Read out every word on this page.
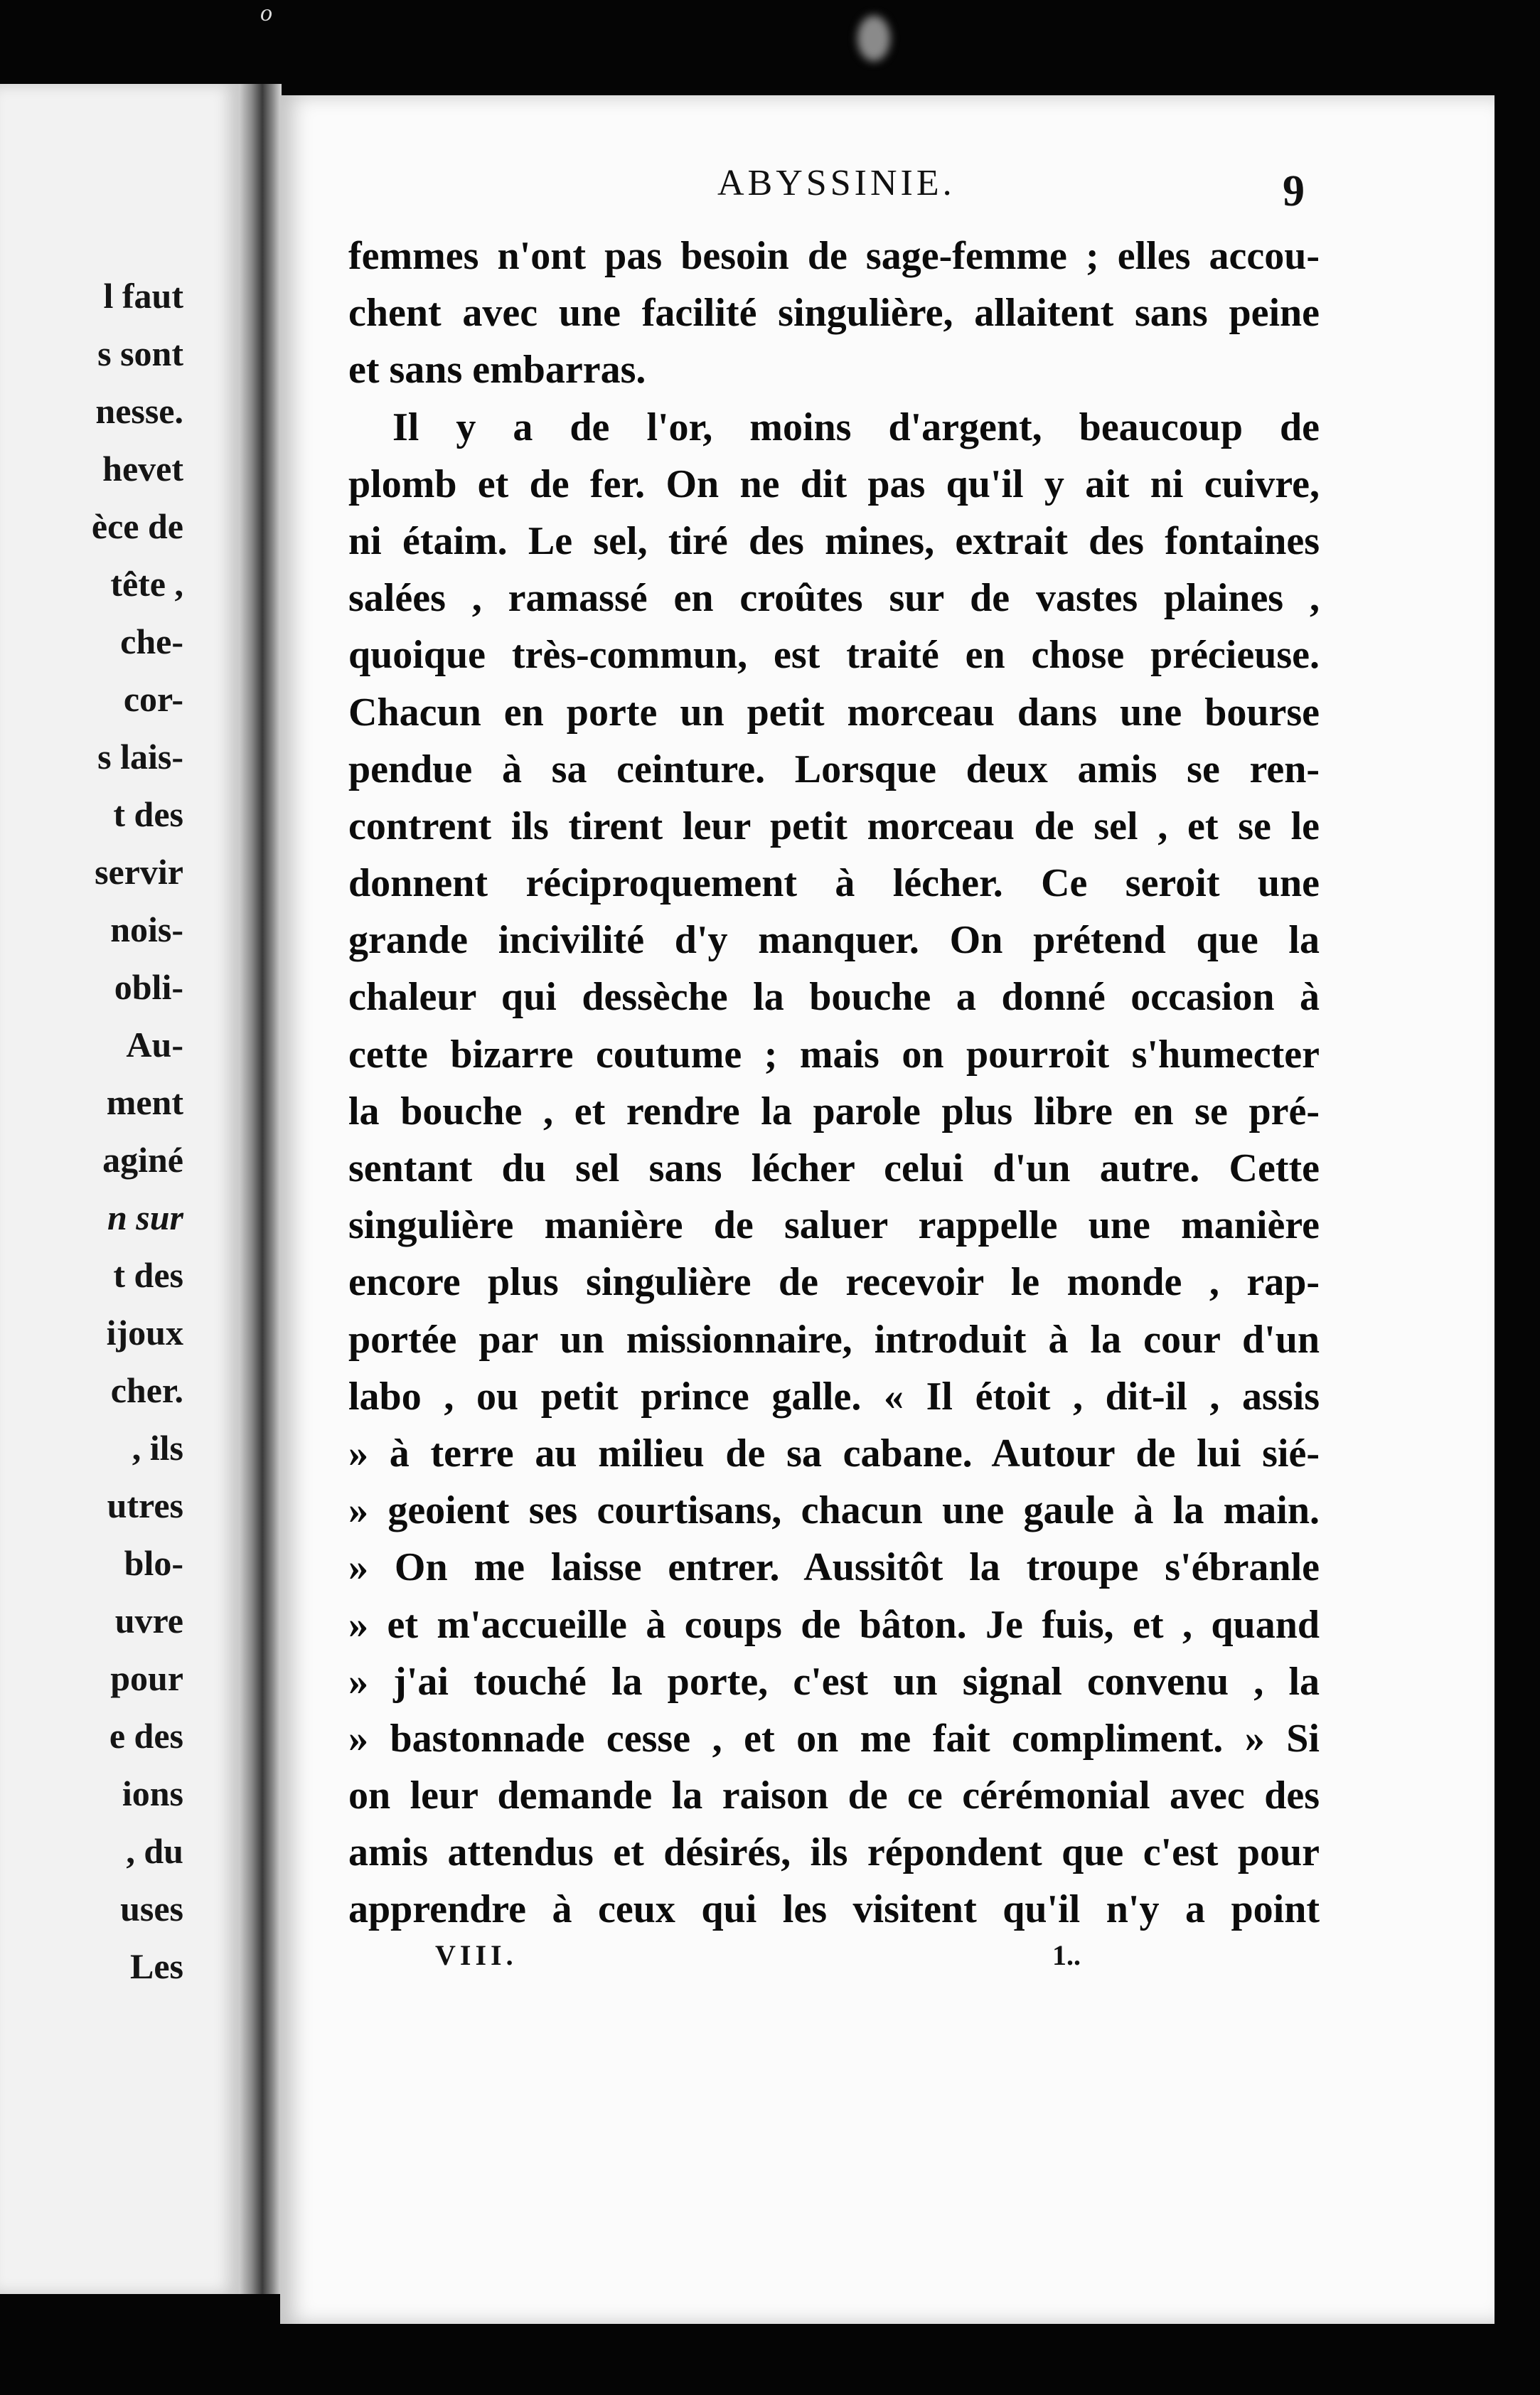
o
l faut
s sont
nesse.
hevet
èce de
tête ,
che-
cor-
s lais-
t des
servir
nois-
obli-
Au-
ment
aginé
n sur
t des
ijoux
cher.
, ils
utres
blo-
uvre
pour
e des
ions
, du
uses
Les
ABYSSINIE.	9
femmes n'ont pas besoin de sage-femme ; elles accou-
chent avec une facilité singulière, allaitent sans peine
et sans embarras.
Il y a de l'or, moins d'argent, beaucoup de
plomb et de fer. On ne dit pas qu'il y ait ni cuivre,
ni étaim. Le sel, tiré des mines, extrait des fontaines
salées , ramassé en croûtes sur de vastes plaines ,
quoique très-commun, est traité en chose précieuse.
Chacun en porte un petit morceau dans une bourse
pendue à sa ceinture. Lorsque deux amis se ren-
contrent ils tirent leur petit morceau de sel , et se le
donnent réciproquement à lécher. Ce seroit une
grande incivilité d'y manquer. On prétend que la
chaleur qui dessèche la bouche a donné occasion à
cette bizarre coutume ; mais on pourroit s'humecter
la bouche , et rendre la parole plus libre en se pré-
sentant du sel sans lécher celui d'un autre. Cette
singulière manière de saluer rappelle une manière
encore plus singulière de recevoir le monde , rap-
portée par un missionnaire, introduit à la cour d'un
labo , ou petit prince galle. « Il étoit , dit-il , assis
» à terre au milieu de sa cabane. Autour de lui sié-
» geoient ses courtisans, chacun une gaule à la main.
» On me laisse entrer. Aussitôt la troupe s'ébranle
» et m'accueille à coups de bâton. Je fuis, et , quand
» j'ai touché la porte, c'est un signal convenu , la
» bastonnade cesse , et on me fait compliment. » Si
on leur demande la raison de ce cérémonial avec des
amis attendus et désirés, ils répondent que c'est pour
apprendre à ceux qui les visitent qu'il n'y a point
VIII.	1..
